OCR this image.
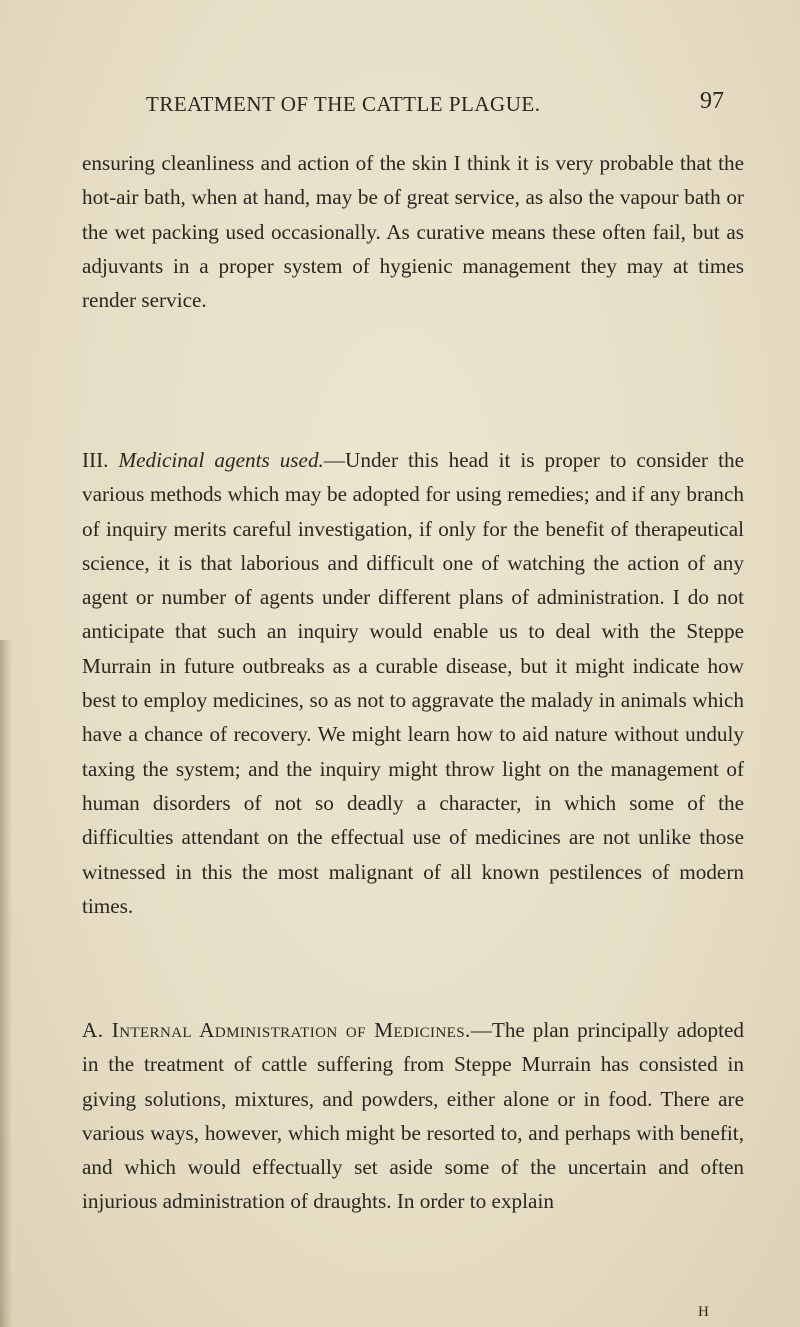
TREATMENT OF THE CATTLE PLAGUE.	97

ensuring cleanliness and action of the skin I think it is very probable that the hot-air bath, when at hand, may be of great service, as also the vapour bath or the wet packing used occasionally. As curative means these often fail, but as adjuvants in a proper system of hygienic management they may at times render service.

III. Medicinal agents used.—Under this head it is proper to consider the various methods which may be adopted for using remedies; and if any branch of inquiry merits careful investigation, if only for the benefit of therapeutical science, it is that laborious and difficult one of watching the action of any agent or number of agents under different plans of administration. I do not anticipate that such an inquiry would enable us to deal with the Steppe Murrain in future outbreaks as a curable disease, but it might indicate how best to employ medicines, so as not to aggravate the malady in animals which have a chance of recovery. We might learn how to aid nature without unduly taxing the system; and the inquiry might throw light on the management of human disorders of not so deadly a character, in which some of the difficulties attendant on the effectual use of medicines are not unlike those witnessed in this the most malignant of all known pestilences of modern times.

A. Internal Administration of Medicines.—The plan principally adopted in the treatment of cattle suffering from Steppe Murrain has consisted in giving solutions, mixtures, and powders, either alone or in food. There are various ways, however, which might be resorted to, and perhaps with benefit, and which would effectually set aside some of the uncertain and often injurious administration of draughts. In order to explain

H
